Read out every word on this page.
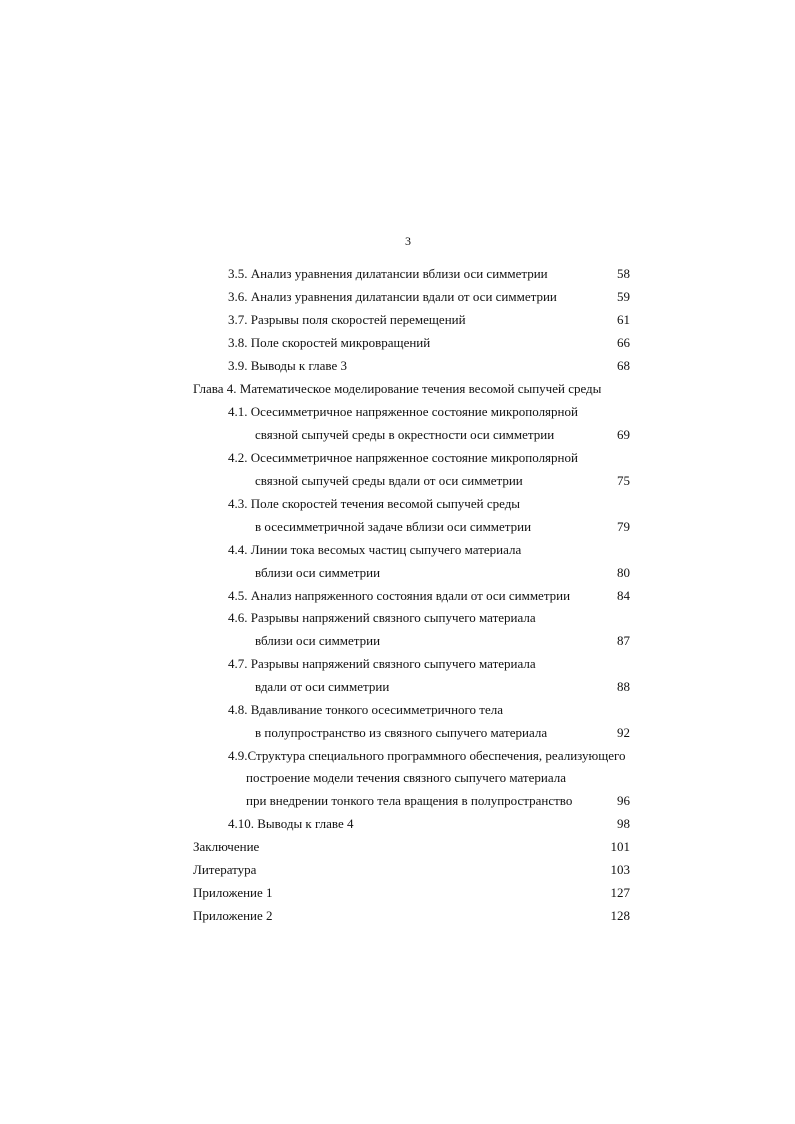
3
3.5. Анализ уравнения дилатансии вблизи оси симметрии	58
3.6. Анализ уравнения дилатансии вдали от оси симметрии	59
3.7. Разрывы поля скоростей перемещений	61
3.8. Поле скоростей микровращений	66
3.9. Выводы к главе 3	68
Глава 4. Математическое моделирование течения весомой сыпучей среды
4.1. Осесимметричное напряженное состояние микрополярной
связной сыпучей среды в окрестности оси симметрии	69
4.2. Осесимметричное напряженное состояние микрополярной
связной сыпучей среды вдали от оси симметрии	75
4.3. Поле скоростей течения весомой сыпучей среды
в осесимметричной задаче вблизи оси симметрии	79
4.4. Линии тока весомых частиц сыпучего материала
вблизи оси симметрии	80
4.5. Анализ напряженного состояния вдали от оси симметрии	84
4.6. Разрывы напряжений связного сыпучего материала
вблизи оси симметрии	87
4.7. Разрывы напряжений связного сыпучего материала
вдали от оси симметрии	88
4.8. Вдавливание тонкого осесимметричного тела
в полупространство из связного сыпучего материала	92
4.9.Структура специального программного обеспечения, реализующего
построение модели течения связного сыпучего материала
при внедрении тонкого тела вращения в полупространство	96
4.10. Выводы к главе 4	98
Заключение	101
Литература	103
Приложение 1	127
Приложение 2	128
